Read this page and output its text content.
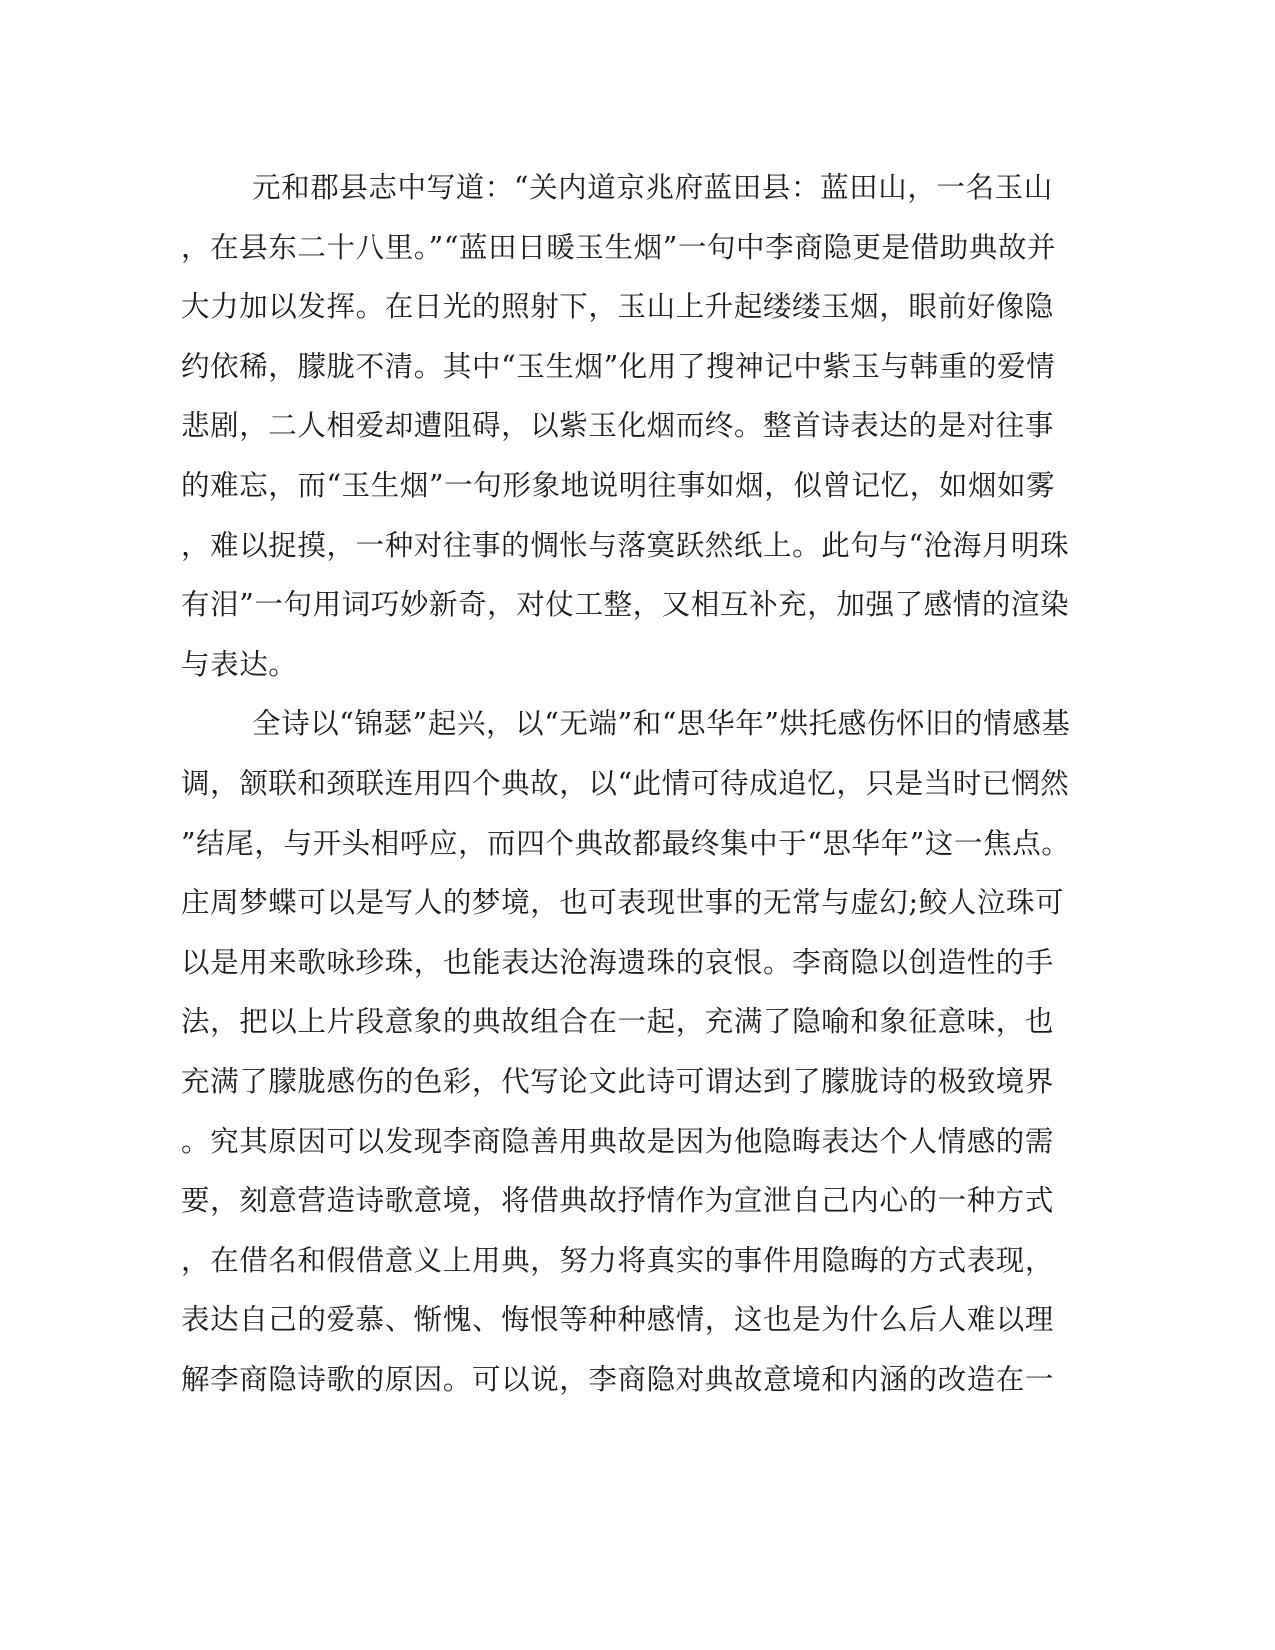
元和郡县志中写道：“关内道京兆府蓝田县：蓝田山，一名玉山
，在县东二十八里。”“蓝田日暖玉生烟”一句中李商隐更是借助典故并
大力加以发挥。在日光的照射下，玉山上升起缕缕玉烟，眼前好像隐
约依稀，朦胧不清。其中“玉生烟”化用了搜神记中紫玉与韩重的爱情
悲剧，二人相爱却遭阻碍，以紫玉化烟而终。整首诗表达的是对往事
的难忘，而“玉生烟”一句形象地说明往事如烟，似曾记忆，如烟如雾
，难以捉摸，一种对往事的惆怅与落寞跃然纸上。此句与“沧海月明珠
有泪”一句用词巧妙新奇，对仗工整，又相互补充，加强了感情的渲染
与表达。
全诗以“锦瑟”起兴，以“无端”和“思华年”烘托感伤怀旧的情感基
调，颔联和颈联连用四个典故，以“此情可待成追忆，只是当时已惘然
”结尾，与开头相呼应，而四个典故都最终集中于“思华年”这一焦点。
庄周梦蝶可以是写人的梦境，也可表现世事的无常与虚幻;鲛人泣珠可
以是用来歌咏珍珠，也能表达沧海遗珠的哀恨。李商隐以创造性的手
法，把以上片段意象的典故组合在一起，充满了隐喻和象征意味，也
充满了朦胧感伤的色彩，代写论文此诗可谓达到了朦胧诗的极致境界
。究其原因可以发现李商隐善用典故是因为他隐晦表达个人情感的需
要，刻意营造诗歌意境，将借典故抒情作为宣泄自己内心的一种方式
，在借名和假借意义上用典，努力将真实的事件用隐晦的方式表现，
表达自己的爱慕、惭愧、悔恨等种种感情，这也是为什么后人难以理
解李商隐诗歌的原因。可以说，李商隐对典故意境和内涵的改造在一
